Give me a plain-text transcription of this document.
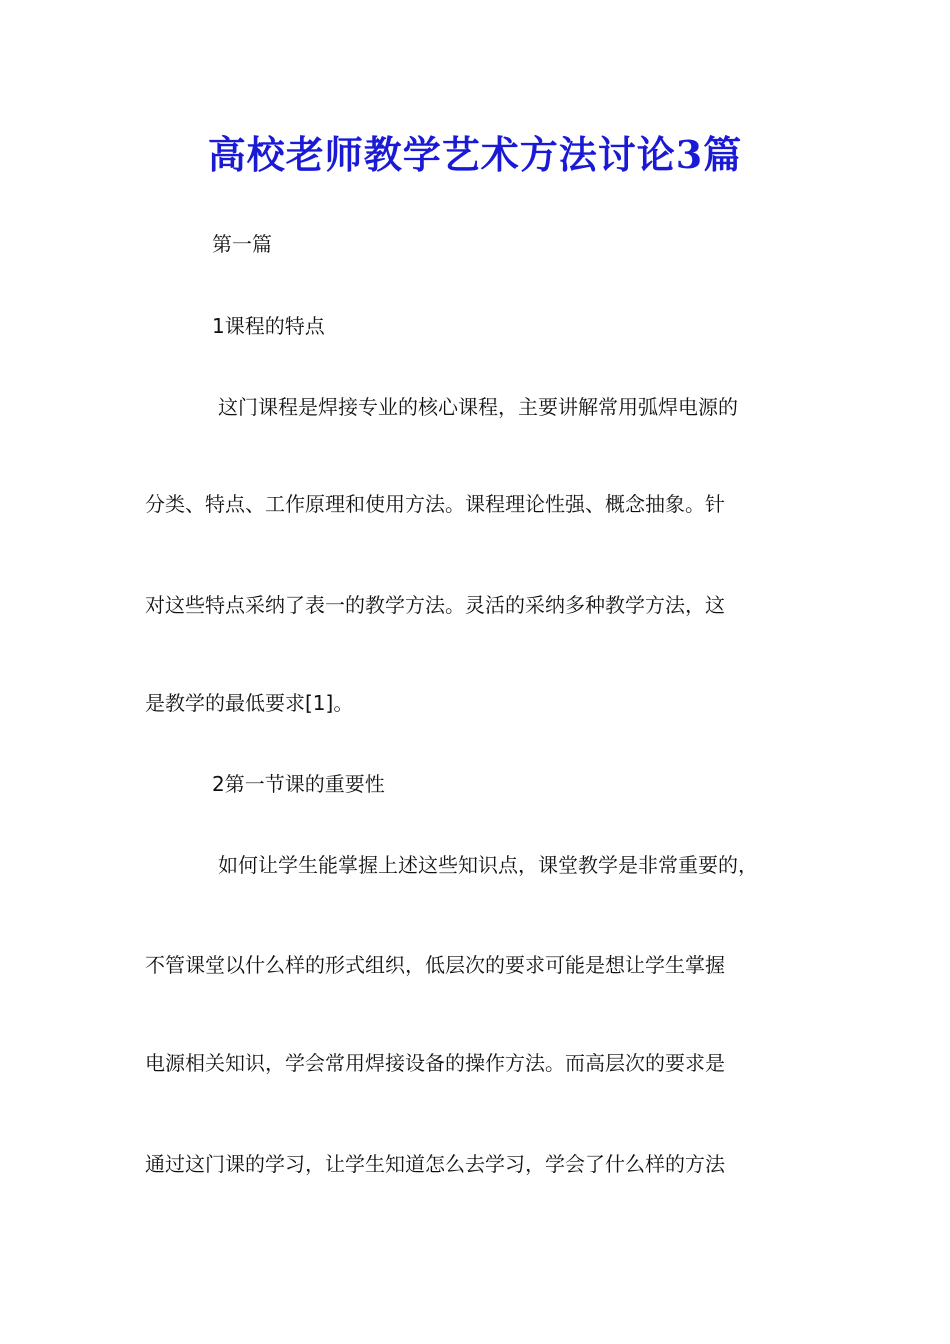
高校老师教学艺术方法讨论3篇
第一篇
1课程的特点
这门课程是焊接专业的核心课程，主要讲解常用弧焊电源的
分类、特点、工作原理和使用方法。课程理论性强、概念抽象。针
对这些特点采纳了表一的教学方法。灵活的采纳多种教学方法，这
是教学的最低要求[1]。
2第一节课的重要性
如何让学生能掌握上述这些知识点，课堂教学是非常重要的，
不管课堂以什么样的形式组织，低层次的要求可能是想让学生掌握
电源相关知识，学会常用焊接设备的操作方法。而高层次的要求是
通过这门课的学习，让学生知道怎么去学习，学会了什么样的方法
